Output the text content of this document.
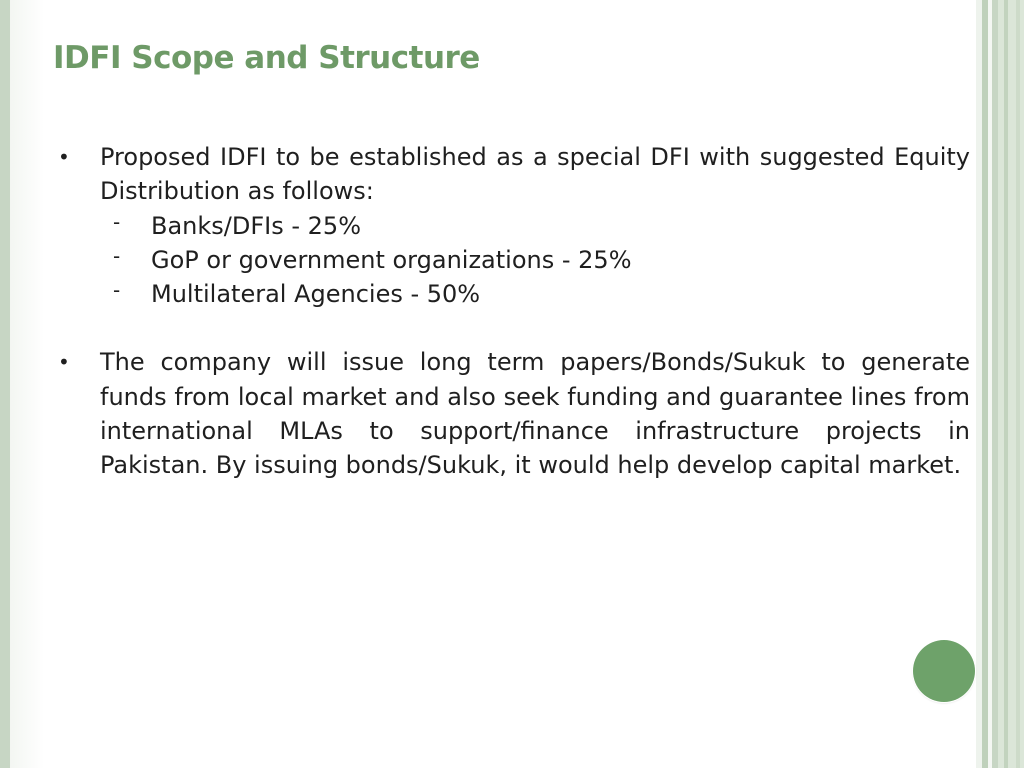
IDFI Scope and Structure
• Proposed IDFI to be established as a special DFI with suggested Equity Distribution as follows:
- Banks/DFIs - 25%
- GoP or government organizations - 25%
- Multilateral Agencies - 50%
• The company will issue long term papers/Bonds/Sukuk to generate funds from local market and also seek funding and guarantee lines from international MLAs to support/finance infrastructure projects in Pakistan. By issuing bonds/Sukuk, it would help develop capital market.
